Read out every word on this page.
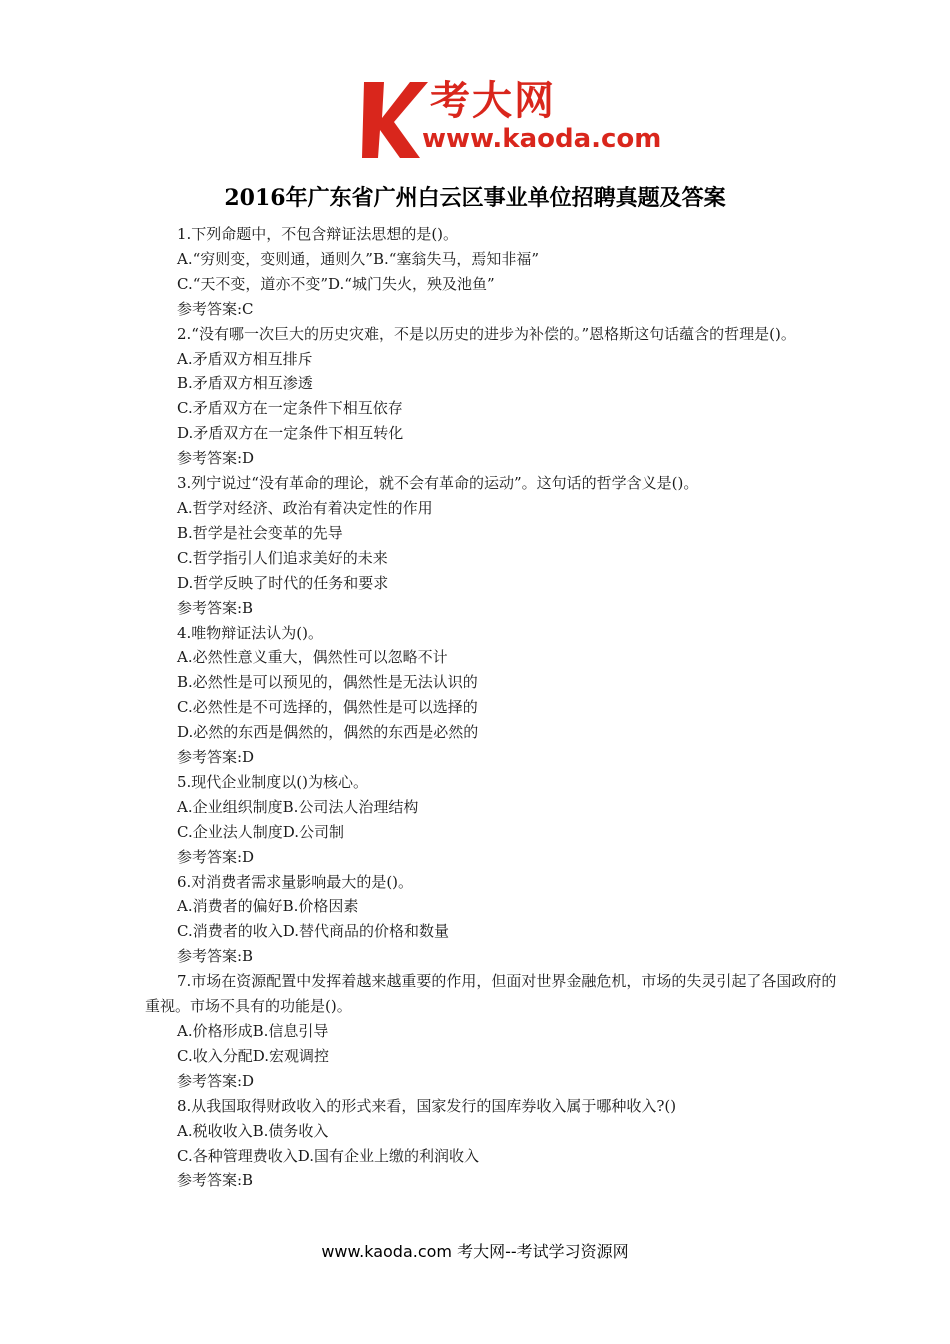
考大网
www.kaoda.com
2016年广东省广州白云区事业单位招聘真题及答案
1.下列命题中，不包含辩证法思想的是()。
A.“穷则变，变则通，通则久”B.“塞翁失马，焉知非福”
C.“天不变，道亦不变”D.“城门失火，殃及池鱼”
参考答案:C
2.“没有哪一次巨大的历史灾难，不是以历史的进步为补偿的。”恩格斯这句话蕴含的哲理是()。
A.矛盾双方相互排斥
B.矛盾双方相互渗透
C.矛盾双方在一定条件下相互依存
D.矛盾双方在一定条件下相互转化
参考答案:D
3.列宁说过“没有革命的理论，就不会有革命的运动”。这句话的哲学含义是()。
A.哲学对经济、政治有着决定性的作用
B.哲学是社会变革的先导
C.哲学指引人们追求美好的未来
D.哲学反映了时代的任务和要求
参考答案:B
4.唯物辩证法认为()。
A.必然性意义重大，偶然性可以忽略不计
B.必然性是可以预见的，偶然性是无法认识的
C.必然性是不可选择的，偶然性是可以选择的
D.必然的东西是偶然的，偶然的东西是必然的
参考答案:D
5.现代企业制度以()为核心。
A.企业组织制度B.公司法人治理结构
C.企业法人制度D.公司制
参考答案:D
6.对消费者需求量影响最大的是()。
A.消费者的偏好B.价格因素
C.消费者的收入D.替代商品的价格和数量
参考答案:B
7.市场在资源配置中发挥着越来越重要的作用，但面对世界金融危机，市场的失灵引起了各国政府的重视。市场不具有的功能是()。
A.价格形成B.信息引导
C.收入分配D.宏观调控
参考答案:D
8.从我国取得财政收入的形式来看，国家发行的国库券收入属于哪种收入?()
A.税收收入B.债务收入
C.各种管理费收入D.国有企业上缴的利润收入
参考答案:B
www.kaoda.com 考大网--考试学习资源网
